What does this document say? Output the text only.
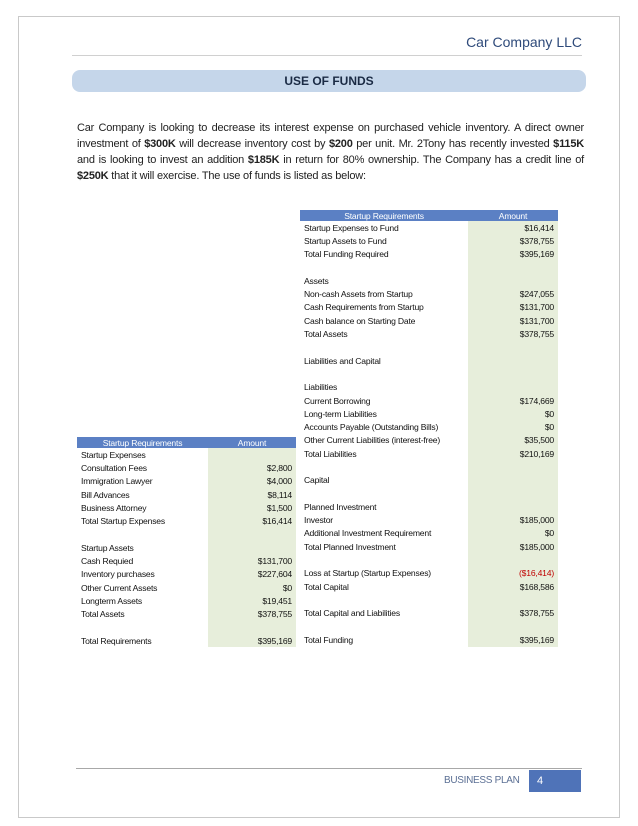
Car Company LLC
USE OF FUNDS
Car Company is looking to decrease its interest expense on purchased vehicle inventory. A direct owner investment of $300K will decrease inventory cost by $200 per unit. Mr. 2Tony has recently invested $115K and is looking to invest an addition $185K in return for 80% ownership. The Company has a credit line of $250K that it will exercise. The use of funds is listed as below:
Startup Requirements	Amount
Startup Expenses	
Consultation Fees	$2,800
Immigration Lawyer	$4,000
Bill Advances	$8,114
Business Attorney	$1,500
Total Startup Expenses	$16,414

Startup Assets	
Cash Requied	$131,700
Inventory purchases	$227,604
Other Current Assets	$0
Longterm Assets	$19,451
Total Assets	$378,755

Total Requirements	$395,169
Startup Requirements	Amount
Startup Expenses to Fund	$16,414
Startup Assets to Fund	$378,755
Total Funding Required	$395,169

Assets	
Non-cash Assets from Startup	$247,055
Cash Requirements from Startup	$131,700
Cash balance on Starting Date	$131,700
Total Assets	$378,755

Liabilities and Capital	

Liabilities	
Current Borrowing	$174,669
Long-term Liabilities	$0
Accounts Payable (Outstanding Bills)	$0
Other Current Liabilities (interest-free)	$35,500
Total Liabilities	$210,169

Capital	

Planned Investment	
Investor	$185,000
Additional Investment Requirement	$0
Total Planned Investment	$185,000

Loss at Startup (Startup Expenses)	($16,414)
Total Capital	$168,586

Total Capital and Liabilities	$378,755

Total Funding	$395,169
BUSINESS PLAN	4
